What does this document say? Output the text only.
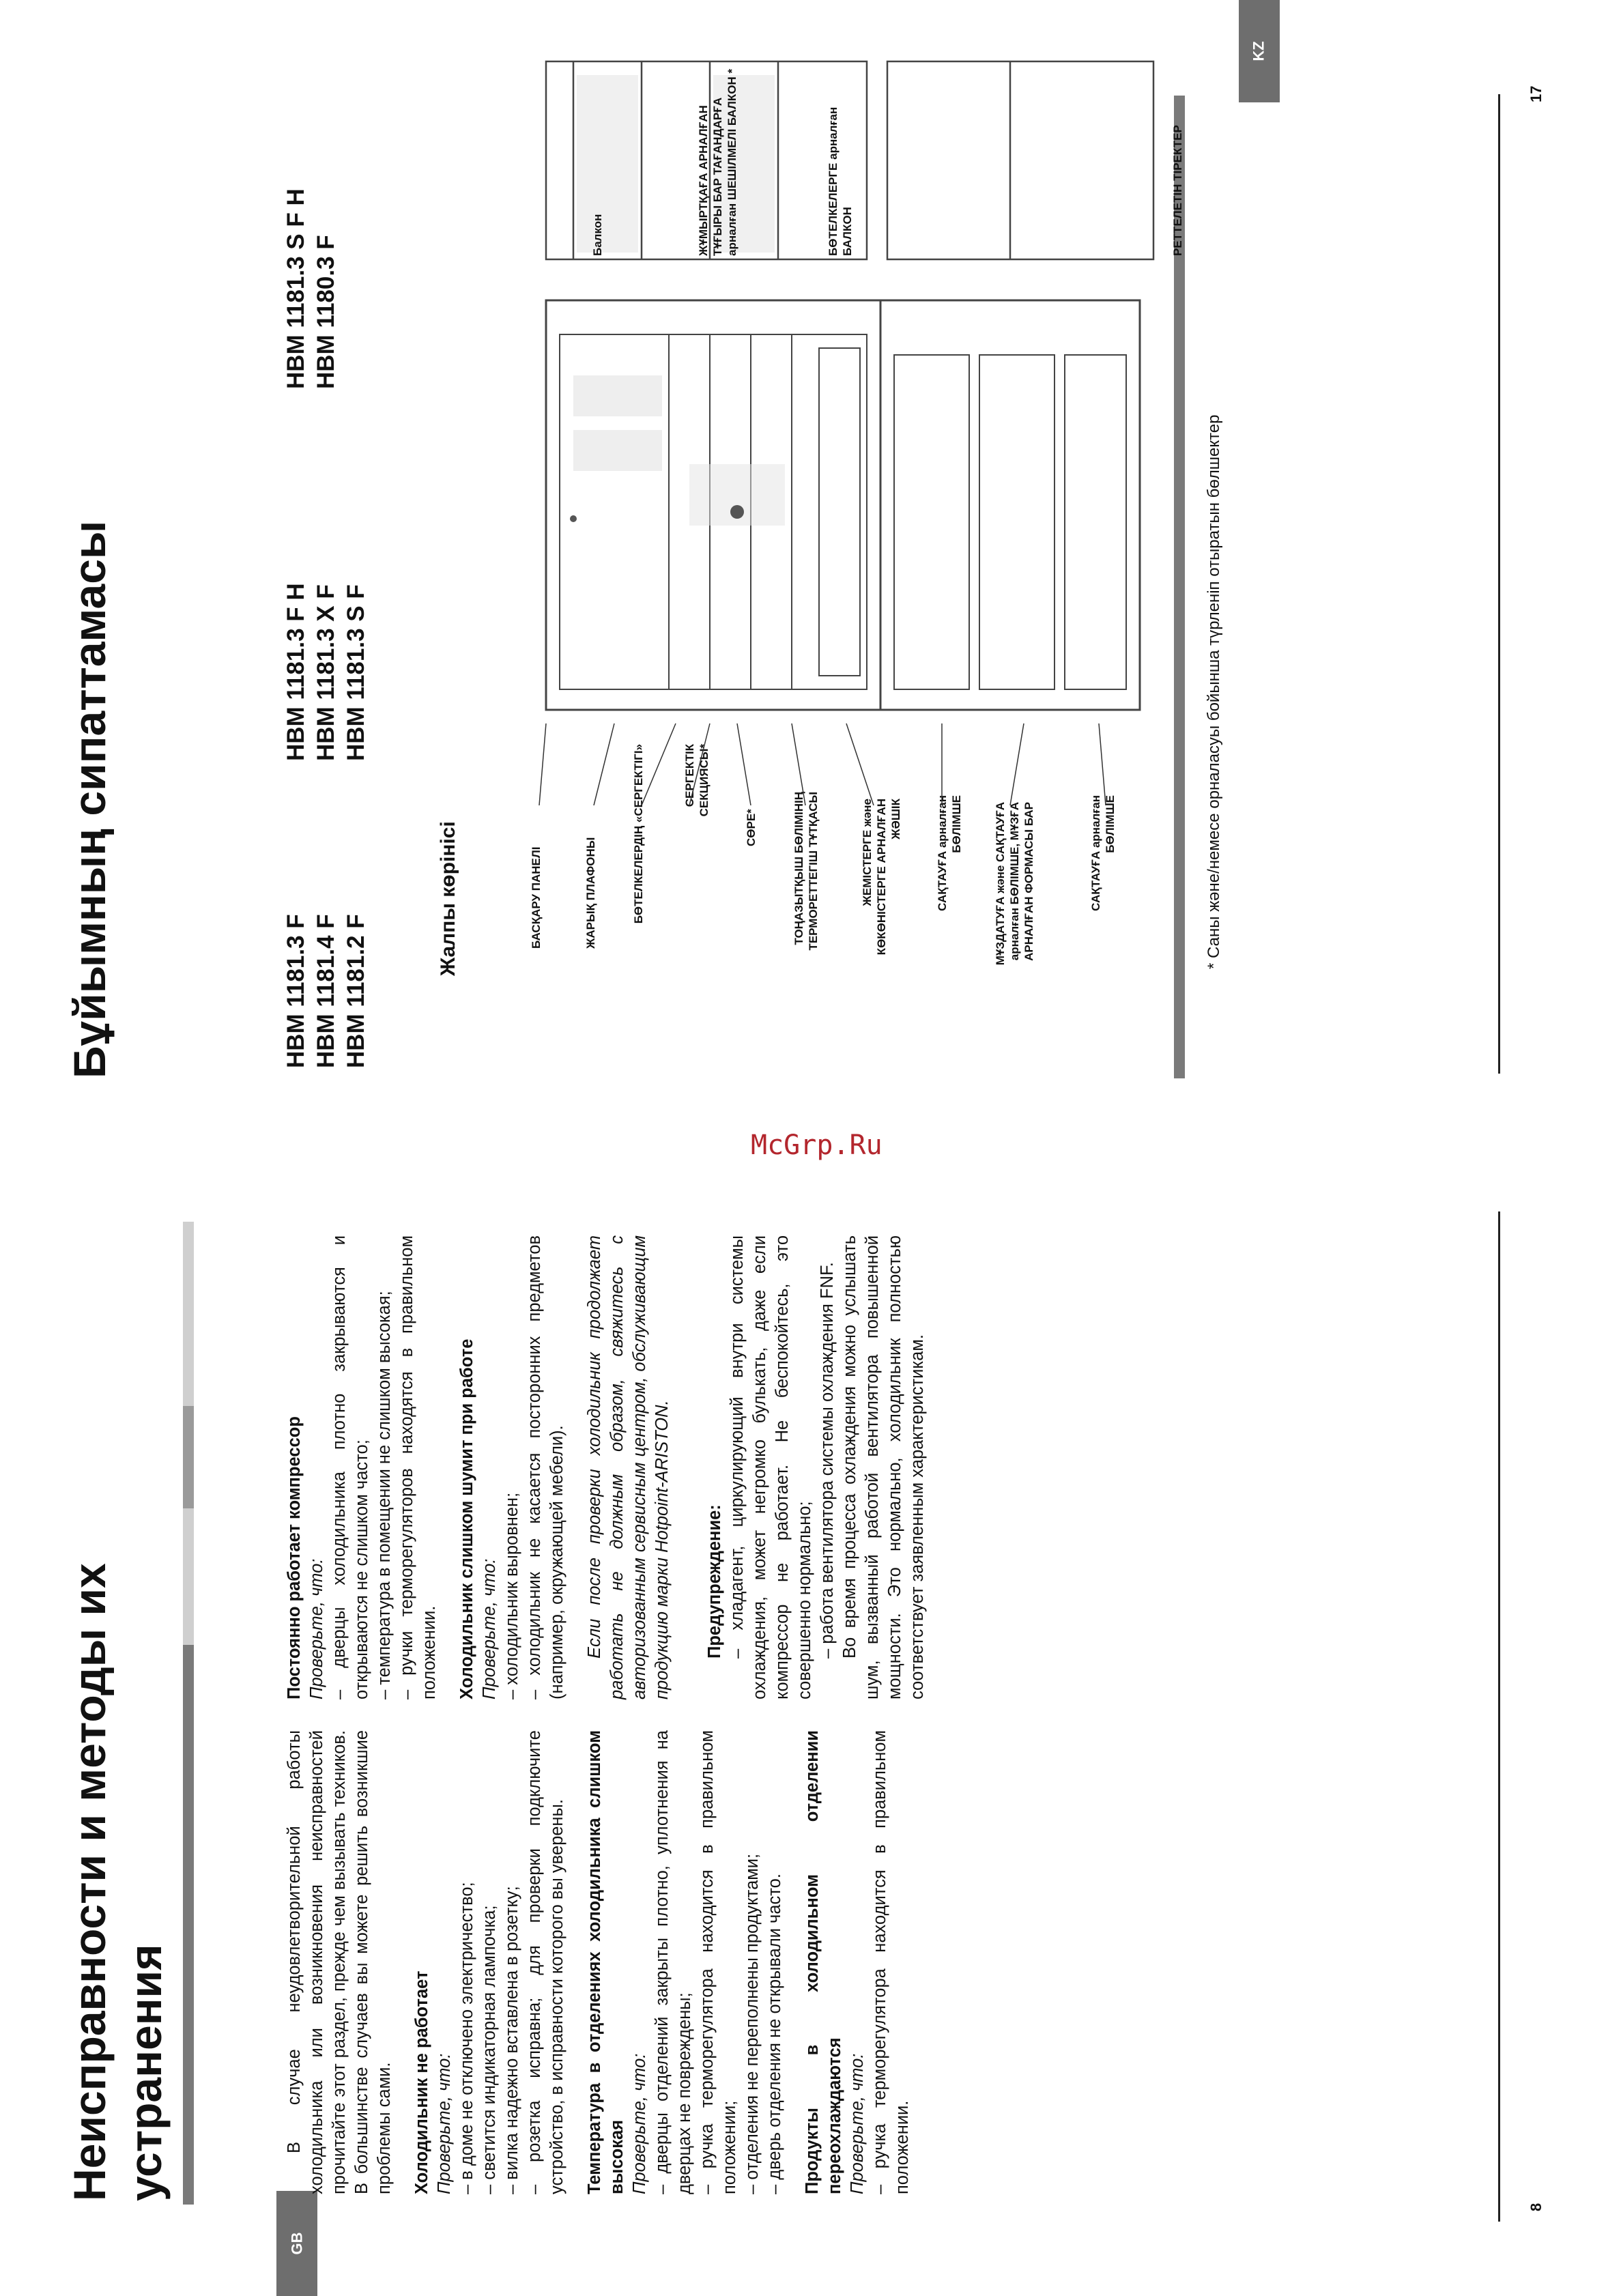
KZ
Бұйымның сипаттамасы	HBM 1181.3 F HBM 1181.4 F HBM 1181.2 F
HBM 1181.3 F H HBM 1181.3 X F HBM 1181.3 S F
HBM 1181.3 S F H HBM 1180.3 F
Жалпы көрінісі	БАСҚАРУ ПАНЕЛІ	ЖАРЫҚ ПЛАФОНЫ	БӨТЕЛКЕЛЕРДІҢ «СЕРГЕКТІГІ»	СЕРГЕКТІК СЕКЦИЯСЫ*
СӨРЕ*	ТОҢАЗЫТҚЫШ БӨЛІМІНІҢ ТЕРМОРЕТТЕГІШ ТҰТҚАСЫ	ЖЕМІСТЕРГЕ және КӨКӨНІСТЕРГЕ АРНАЛҒАН ЖӘШІК	САҚТАУҒА арналған БӨЛІМШЕ	МҰЗДАТУҒА және САҚТАУҒА арналған БӨЛІМШЕ, МҰЗҒА АРНАЛҒАН ФОРМАСЫ БАР	САҚТАУҒА арналған БӨЛІМШЕ
Балкон	ЖҰМЫРТҚАҒА АРНАЛҒАН ТҰҒЫРЫ БАР ТАҒАНДАРҒА арналған ШЕШІЛМЕЛІ БАЛКОН *	БӨТЕЛКЕЛЕРГЕ арналған БАЛКОН	РЕТТЕЛЕТІН ТІРЕКТЕР
* Саны және/немесе орналасуы бойынша түрленіп отыратын бөлшектер
17
McGrp.Ru
GB
Неисправности и методы их устранения	В случае неудовлетворительной работы холодильника или возникновения неисправностей прочитайте этот раздел, прежде чем вызывать техников. В большинстве случаев вы можете решить возникшие проблемы сами. Холодильник не работает Проверьте, что: – в доме не отключено электричество; – светится индикаторная лампочка; – вилка надежно вставлена в розетку; – розетка исправна; для проверки подключите устройство, в исправности которого вы уверены. Температура в отделениях холодильника слишком высокая Проверьте, что: – дверцы отделений закрыты плотно, уплотнения на дверцах не повреждены; – ручка терморегулятора находится в правильном положении; – отделения не переполнены продуктами; – дверь отделения не открывали часто. Продукты в холодильном отделении переохлаждаются Проверьте, что: – ручка терморегулятора находится в правильном положении.
Постоянно работает компрессор Проверьте, что: – дверцы холодильника плотно закрываются и открываются не слишком часто; – температура в помещении не слишком высокая; – ручки терморегуляторов находятся в правильном положении. Холодильник слишком шумит при работе Проверьте, что: – холодильник выровнен; – холодильник не касается посторонних предметов (например, окружающей мебели). Если после проверки холодильник продолжает работать не должным образом, свяжитесь с авторизованным сервисным центром, обслуживающим продукцию марки Hotpoint-ARISTON. Предупреждение: – хладагент, циркулирующий внутри системы охлаждения, может негромко булькать, даже если компрессор не работает. Не беспокойтесь, это совершенно нормально; – работа вентилятора системы охлаждения FNF. Во время процесса охлаждения можно услышать шум, вызванный работой вентилятора повышенной мощности. Это нормально, холодильник полностью соответствует заявленным характеристикам.

8
